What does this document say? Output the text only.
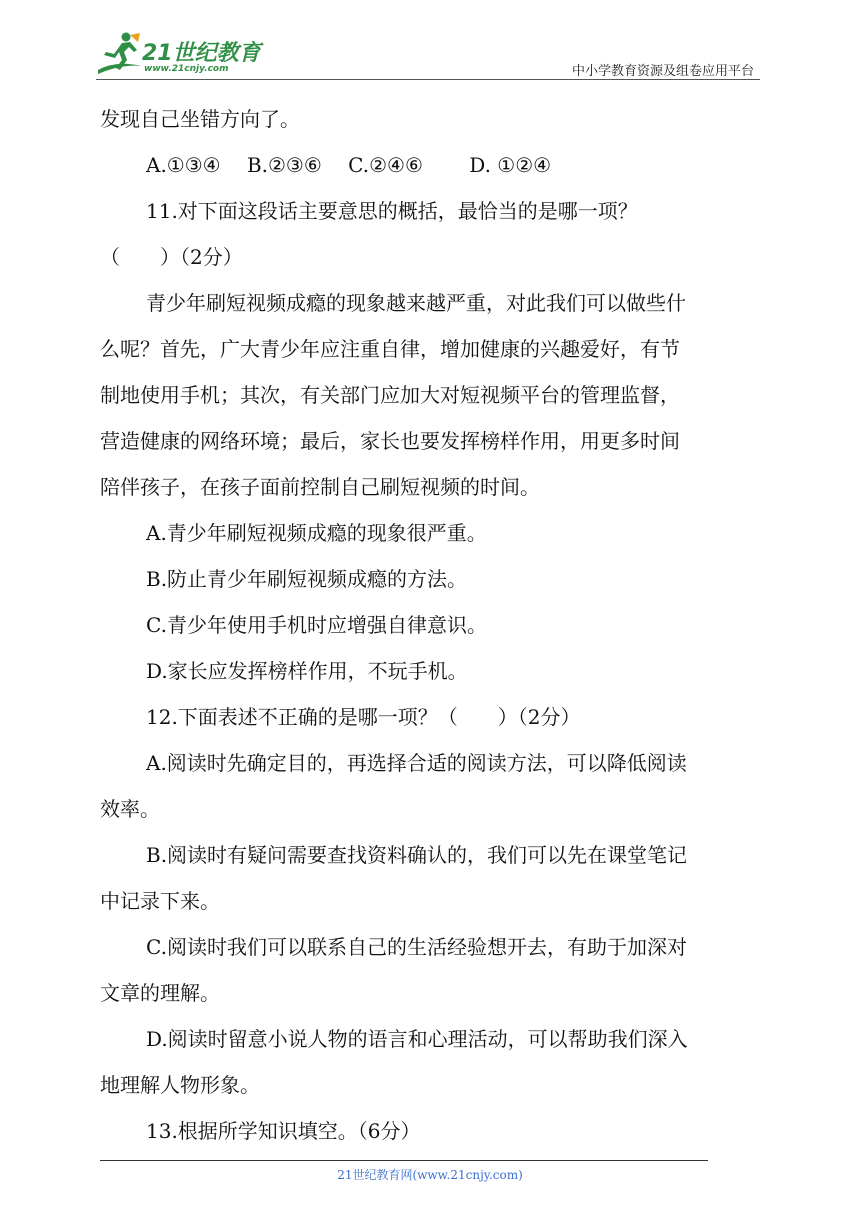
21世纪教育
www.21cnjy.com	中小学教育资源及组卷应用平台
发现自己坐错方向了。
A.①③④　 B.②③⑥　 C.②④⑥　　 D. ①②④
11.对下面这段话主要意思的概括，最恰当的是哪一项？
（　　）（2分）
青少年刷短视频成瘾的现象越来越严重，对此我们可以做些什
么呢？首先，广大青少年应注重自律，增加健康的兴趣爱好，有节
制地使用手机；其次，有关部门应加大对短视频平台的管理监督，
营造健康的网络环境；最后，家长也要发挥榜样作用，用更多时间
陪伴孩子，在孩子面前控制自己刷短视频的时间。
A.青少年刷短视频成瘾的现象很严重。
B.防止青少年刷短视频成瘾的方法。
C.青少年使用手机时应增强自律意识。
D.家长应发挥榜样作用，不玩手机。
12.下面表述不正确的是哪一项？（　　）（2分）
A.阅读时先确定目的，再选择合适的阅读方法，可以降低阅读
效率。
B.阅读时有疑问需要查找资料确认的，我们可以先在课堂笔记
中记录下来。
C.阅读时我们可以联系自己的生活经验想开去，有助于加深对
文章的理解。
D.阅读时留意小说人物的语言和心理活动，可以帮助我们深入
地理解人物形象。
13.根据所学知识填空。（6分）
21世纪教育网(www.21cnjy.com)
